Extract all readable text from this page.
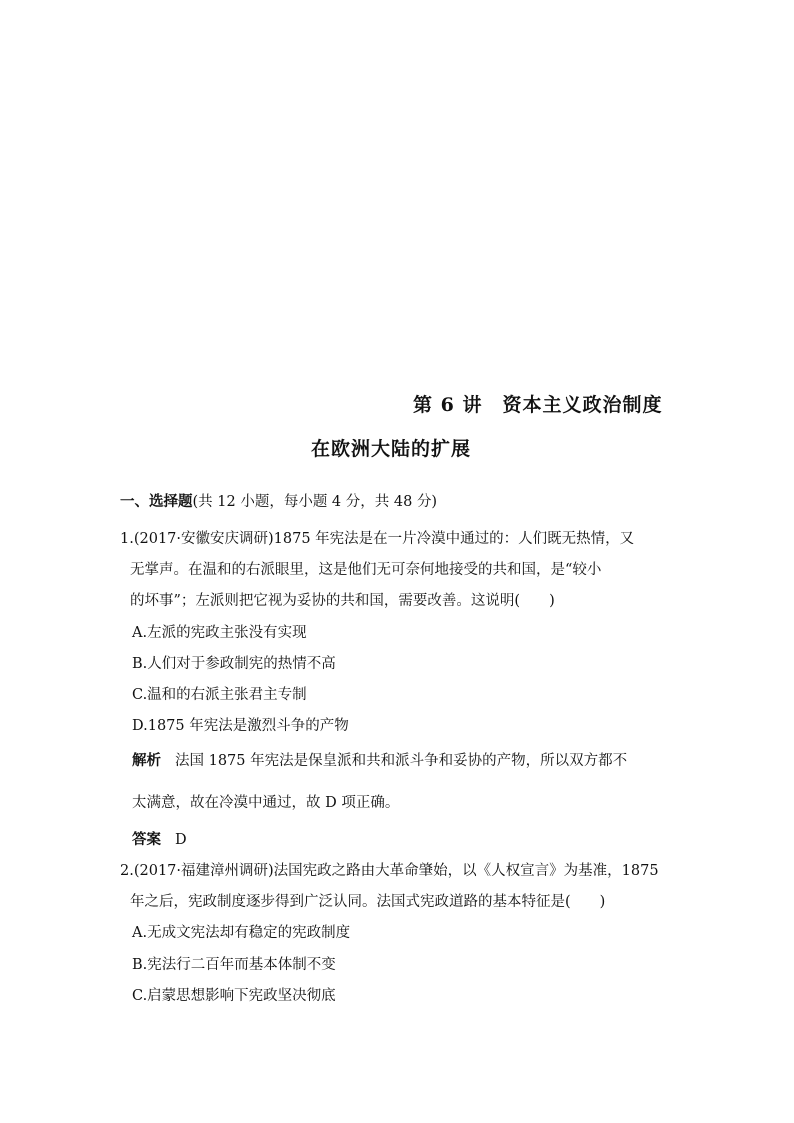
第 6 讲　资本主义政治制度
在欧洲大陆的扩展
一、选择题(共 12 小题，每小题 4 分，共 48 分)
1.(2017·安徽安庆调研)1875 年宪法是在一片冷漠中通过的：人们既无热情，又
无掌声。在温和的右派眼里，这是他们无可奈何地接受的共和国，是“较小
的坏事”；左派则把它视为妥协的共和国，需要改善。这说明(　　)
A.左派的宪政主张没有实现
B.人们对于参政制宪的热情不高
C.温和的右派主张君主专制
D.1875 年宪法是激烈斗争的产物
解析 法国 1875 年宪法是保皇派和共和派斗争和妥协的产物，所以双方都不
太满意，故在冷漠中通过，故 D 项正确。
答案 D
2.(2017·福建漳州调研)法国宪政之路由大革命肇始，以《人权宣言》为基准，1875
年之后，宪政制度逐步得到广泛认同。法国式宪政道路的基本特征是(　　)
A.无成文宪法却有稳定的宪政制度
B.宪法行二百年而基本体制不变
C.启蒙思想影响下宪政坚决彻底
